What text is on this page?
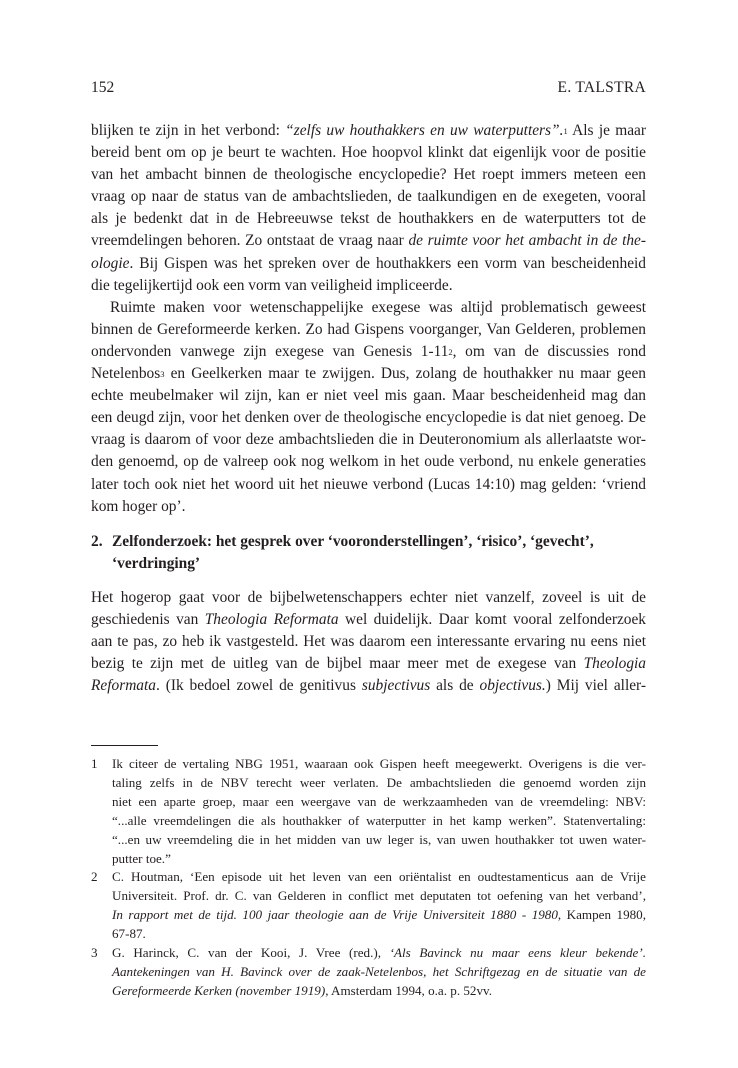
152	E. TALSTRA

blijken te zijn in het verbond: “zelfs uw houthakkers en uw waterputters”.$^1$ Als je maar
bereid bent om op je beurt te wachten. Hoe hoopvol klinkt dat eigenlijk voor de positie
van het ambacht binnen de theologische encyclopedie? Het roept immers meteen een
vraag op naar de status van de ambachtslieden, de taalkundigen en de exegeten, vooral
als je bedenkt dat in de Hebreeuwse tekst de houthakkers en de waterputters tot de
vreemdelingen behoren. Zo ontstaat de vraag naar de ruimte voor het ambacht in de the-
ologie. Bij Gispen was het spreken over de houthakkers een vorm van bescheidenheid
die tegelijkertijd ook een vorm van veiligheid impliceerde.

Ruimte maken voor wetenschappelijke exegese was altijd problematisch geweest
binnen de Gereformeerde kerken. Zo had Gispens voorganger, Van Gelderen, problemen
ondervonden vanwege zijn exegese van Genesis $1-11^2$, om van de discussies rond
Netelenbos$^3$ en Geelkerken maar te zwijgen. Dus, zolang de houthakker nu maar geen
echte meubelmaker wil zijn, kan er niet veel mis gaan. Maar bescheidenheid mag dan
een deugd zijn, voor het denken over de theologische encyclopedie is dat niet genoeg. De
vraag is daarom of voor deze ambachtslieden die in Deuteronomium als allerlaatste wor-
den genoemd, op de valreep ook nog welkom in het oude verbond, nu enkele generaties
later toch ook niet het woord uit het nieuwe verbond (Lucas 14:10) mag gelden: ‘vriend
kom hoger op’.

2. Zelfonderzoek: het gesprek over ‘vooronderstellingen’, ‘risico’, ‘gevecht’,
‘verdringing’
Het hogerop gaat voor de bijbelwetenschappers echter niet vanzelf, zoveel is uit de
geschiedenis van Theologia Reformata wel duidelijk. Daar komt vooral zelfonderzoek
aan te pas, zo heb ik vastgesteld. Het was daarom een interessante ervaring nu eens niet
bezig te zijn met de uitleg van de bijbel maar meer met de exegese van Theologia
Reformata. (Ik bedoel zowel de genitivus subjectivus als de objectivus.) Mij viel aller-
1 Ik citeer de vertaling NBG 1951, waaraan ook Gispen heeft meegewerkt. Overigens is die ver-
taling zelfs in de NBV terecht weer verlaten. De ambachtslieden die genoemd worden zijn
niet een aparte groep, maar een weergave van de werkzaamheden van de vreemdeling: NBV:
“...alle vreemdelingen die als houthakker of waterputter in het kamp werken”. Statenvertaling:
“...en uw vreemdeling die in het midden van uw leger is, van uwen houthakker tot uwen water-
putter toe.”
2 C. Houtman, ‘Een episode uit het leven van een oriëntalist en oudtestamenticus aan de Vrije
Universiteit. Prof. dr. C. van Gelderen in conflict met deputaten tot oefening van het verband’,
In rapport met de tijd. 100 jaar theologie aan de Vrije Universiteit 1880 - 1980, Kampen 1980,
67-87.
3 G. Harinck, C. van der Kooi, J. Vree (red.), ‘Als Bavinck nu maar eens kleur bekende’.
Aantekeningen van H. Bavinck over de zaak-Netelenbos, het Schriftgezag en de situatie van de
Gereformeerde Kerken (november 1919), Amsterdam 1994, o.a. p. 52vv.
